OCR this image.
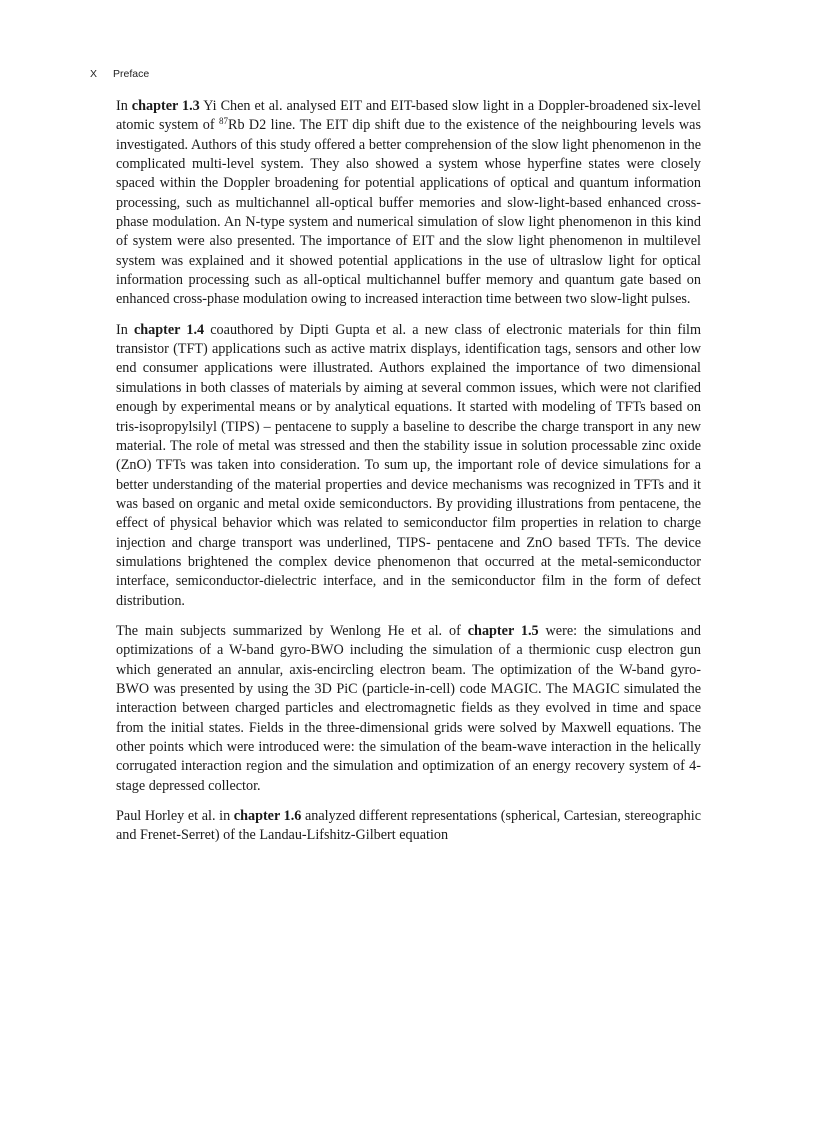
X Preface

In chapter 1.3 Yi Chen et al. analysed EIT and EIT-based slow light in a Doppler-broadened six-level atomic system of $^{87}$Rb D2 line. The EIT dip shift due to the existence of the neighbouring levels was investigated. Authors of this study offered a better comprehension of the slow light phenomenon in the complicated multi-level system. They also showed a system whose hyperfine states were closely spaced within the Doppler broadening for potential applications of optical and quantum information processing, such as multichannel all-optical buffer memories and slow-light-based enhanced cross-phase modulation. An N-type system and numerical simulation of slow light phenomenon in this kind of system were also presented. The importance of EIT and the slow light phenomenon in multilevel system was explained and it showed potential applications in the use of ultraslow light for optical information processing such as all-optical multichannel buffer memory and quantum gate based on enhanced cross-phase modulation owing to increased interaction time between two slow-light pulses.

In chapter 1.4 coauthored by Dipti Gupta et al. a new class of electronic materials for thin film transistor (TFT) applications such as active matrix displays, identification tags, sensors and other low end consumer applications were illustrated. Authors explained the importance of two dimensional simulations in both classes of materials by aiming at several common issues, which were not clarified enough by experimental means or by analytical equations. It started with modeling of TFTs based on tris-isopropylsilyl (TIPS) – pentacene to supply a baseline to describe the charge transport in any new material. The role of metal was stressed and then the stability issue in solution processable zinc oxide (ZnO) TFTs was taken into consideration. To sum up, the important role of device simulations for a better understanding of the material properties and device mechanisms was recognized in TFTs and it was based on organic and metal oxide semiconductors. By providing illustrations from pentacene, the effect of physical behavior which was related to semiconductor film properties in relation to charge injection and charge transport was underlined, TIPS- pentacene and ZnO based TFTs. The device simulations brightened the complex device phenomenon that occurred at the metal-semiconductor interface, semiconductor-dielectric interface, and in the semiconductor film in the form of defect distribution.

The main subjects summarized by Wenlong He et al. of chapter 1.5 were: the simulations and optimizations of a W-band gyro-BWO including the simulation of a thermionic cusp electron gun which generated an annular, axis-encircling electron beam. The optimization of the W-band gyro-BWO was presented by using the 3D PiC (particle-in-cell) code MAGIC. The MAGIC simulated the interaction between charged particles and electromagnetic fields as they evolved in time and space from the initial states. Fields in the three-dimensional grids were solved by Maxwell equations. The other points which were introduced were: the simulation of the beam-wave interaction in the helically corrugated interaction region and the simulation and optimization of an energy recovery system of 4-stage depressed collector.

Paul Horley et al. in chapter 1.6 analyzed different representations (spherical, Cartesian, stereographic and Frenet-Serret) of the Landau-Lifshitz-Gilbert equation
